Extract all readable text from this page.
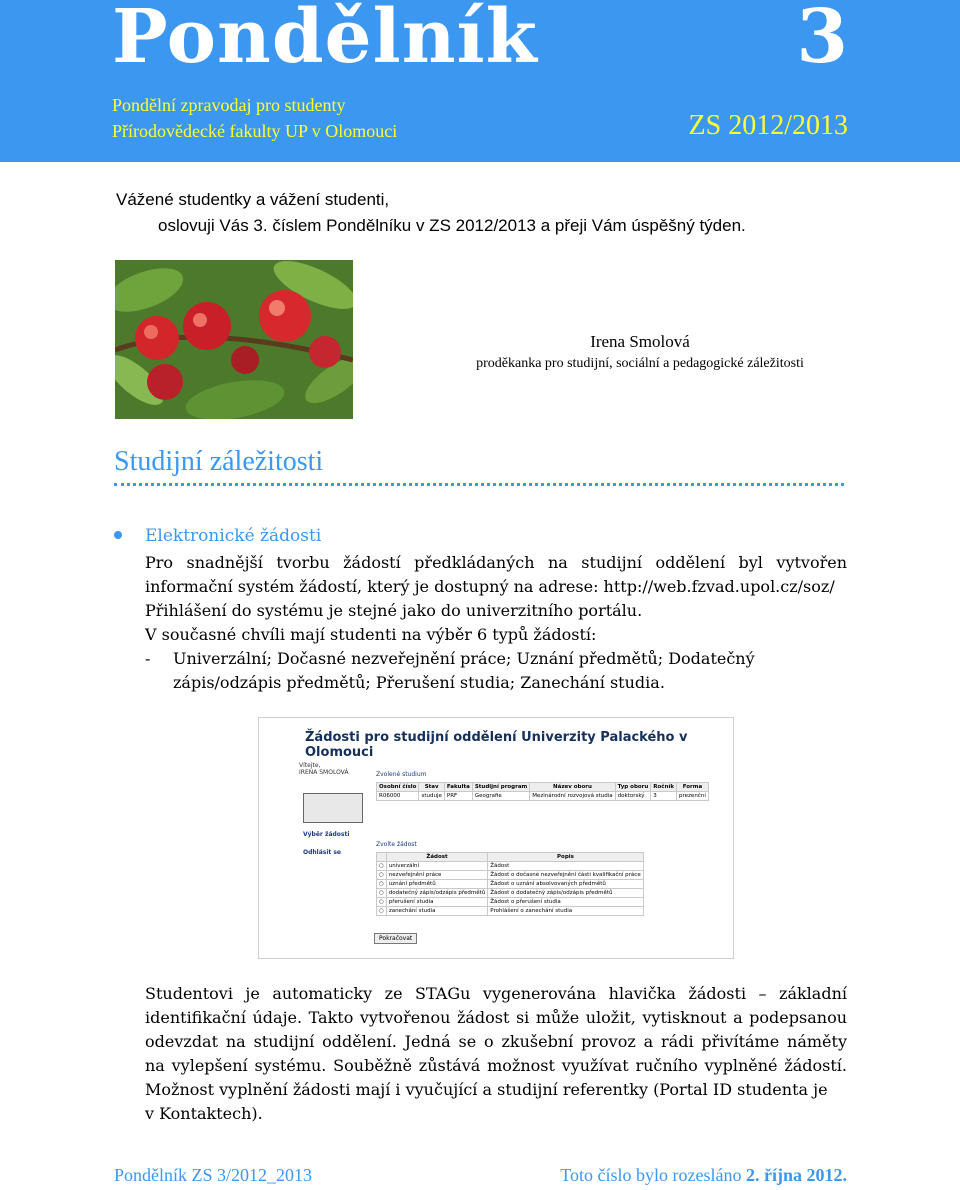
Pondělník	3
Pondělní zpravodaj pro studenty
Přírodovědecké fakulty UP v Olomouci	ZS 2012/2013
Vážené studentky a vážení studenti,
oslovuji Vás 3. číslem Pondělníku v ZS 2012/2013 a přeji Vám úspěšný týden.
Irena Smolová
proděkanka pro studijní, sociální a pedagogické záležitosti
Studijní záležitosti
Elektronické žádosti
Pro snadnější tvorbu žádostí předkládaných na studijní oddělení byl vytvořen
informační systém žádostí, který je dostupný na adrese: http://web.fzvad.upol.cz/soz/
Přihlášení do systému je stejné jako do univerzitního portálu.
V současné chvíli mají studenti na výběr 6 typů žádostí:
-	Univerzální; Dočasné nezveřejnění práce; Uznání předmětů; Dodatečný
zápis/odzápis předmětů; Přerušení studia; Zanechání studia.
Žádosti pro studijní oddělení Univerzity Palackého v Olomouci
Vítejte,
IRENA SMOLOVÁ
Výběr žádosti
Odhlásit se
Zvolené studium
Osobní číslo	Stav	Fakulta	Studijní program	Název oboru	Typ oboru	Ročník	Forma
R06000	studuje	PRF	Geografie	Mezinárodní rozvojová studia	doktorský	3	prezenční
Zvolte žádost
	Žádost	Popis
○	univerzální	Žádost
○	nezveřejnění práce	Žádost o dočasné nezveřejnění části kvalifikační práce
○	uznání předmětů	Žádost o uznání absolvovaných předmětů
○	dodatečný zápis/odzápis předmětů	Žádost o dodatečný zápis/odzápis předmětů
○	přerušení studia	Žádost o přerušení studia
○	zanechání studia	Prohlášení o zanechání studia
Pokračovat
Studentovi je automaticky ze STAGu vygenerována hlavička žádosti – základní
identifikační údaje. Takto vytvořenou žádost si může uložit, vytisknout a podepsanou
odevzdat na studijní oddělení. Jedná se o zkušební provoz a rádi přivítáme náměty
na vylepšení systému. Souběžně zůstává možnost využívat ručního vyplněné žádostí.
Možnost vyplnění žádosti mají i vyučující a studijní referentky (Portal ID studenta je
v Kontaktech).
Pondělník ZS 3/2012_2013	Toto číslo bylo rozesláno 2. října 2012.
